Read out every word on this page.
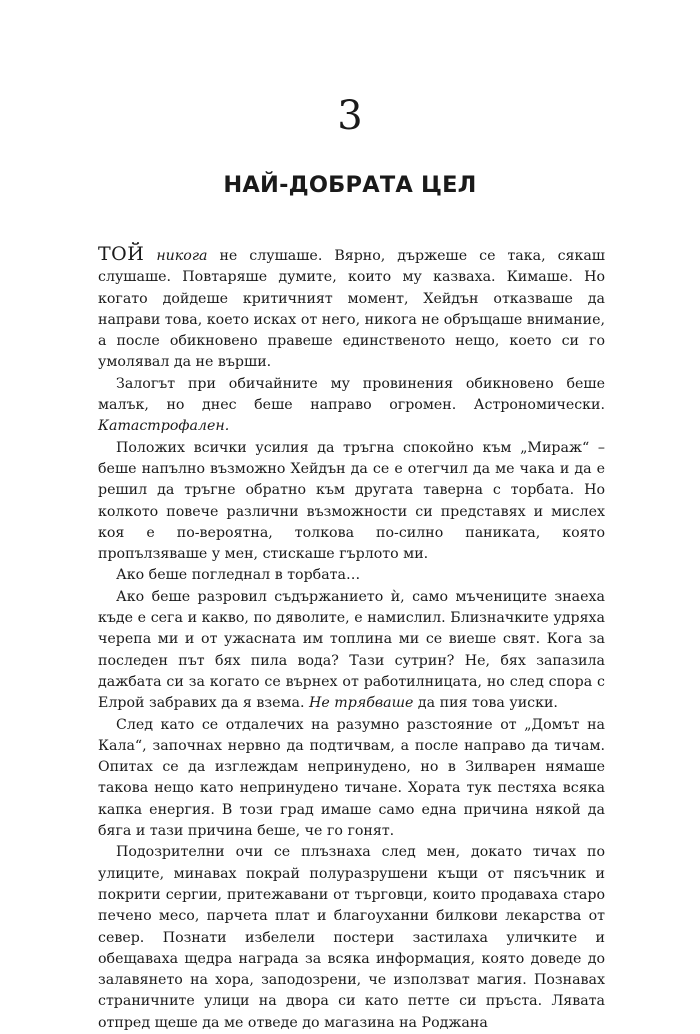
3
НАЙ-ДОБРАТА ЦЕЛ

ТОЙ никога не слушаше. Вярно, държеше се така, сякаш слушаше. Повтаряше думите, които му казваха. Кимаше. Но когато дойдеше критичният момент, Хейдън отказваше да направи това, което исках от него, никога не обръщаше внимание, а после обикновено правеше единственото нещо, което си го умолявал да не върши.

Залогът при обичайните му провинения обикновено беше малък, но днес беше направо огромен. Астрономически. Катастрофален.

Положих всички усилия да тръгна спокойно към „Мираж“ – беше напълно възможно Хейдън да се е отегчил да ме чака и да е решил да тръгне обратно към другата таверна с торбата. Но колкото повече различни възможности си представях и мислех коя е по-вероятна, толкова по-силно паниката, която пропълзяваше у мен, стискаше гърлото ми.

Ако беше погледнал в торбата…

Ако беше разровил съдържанието ѝ, само мъчениците знаеха къде е сега и какво, по дяволите, е намислил. Близначките удряха черепа ми и от ужасната им топлина ми се виеше свят. Кога за последен път бях пила вода? Тази сутрин? Не, бях запазила дажбата си за когато се върнех от работилницата, но след спора с Елрой забравих да я взема. Не трябваше да пия това уиски.

След като се отдалечих на разумно разстояние от „Домът на Кала“, започнах нервно да подтичвам, а после направо да тичам. Опитах се да изглеждам непринудено, но в Зилварен нямаше такова нещо като непринудено тичане. Хората тук пестяха всяка капка енергия. В този град имаше само една причина някой да бяга и тази причина беше, че го гонят.

Подозрителни очи се плъзнаха след мен, докато тичах по улиците, минавах покрай полуразрушени къщи от пясъчник и покрити сергии, притежавани от търговци, които продаваха старо печено месо, парчета плат и благоуханни билкови лекарства от север. Познати избелели постери застилаха уличките и обещаваха щедра награда за всяка информация, която доведе до залавянето на хора, заподозрени, че използват магия. Познавах страничните улици на двора си като петте си пръста. Лявата отпред щеше да ме отведе до магазина на Роджана
